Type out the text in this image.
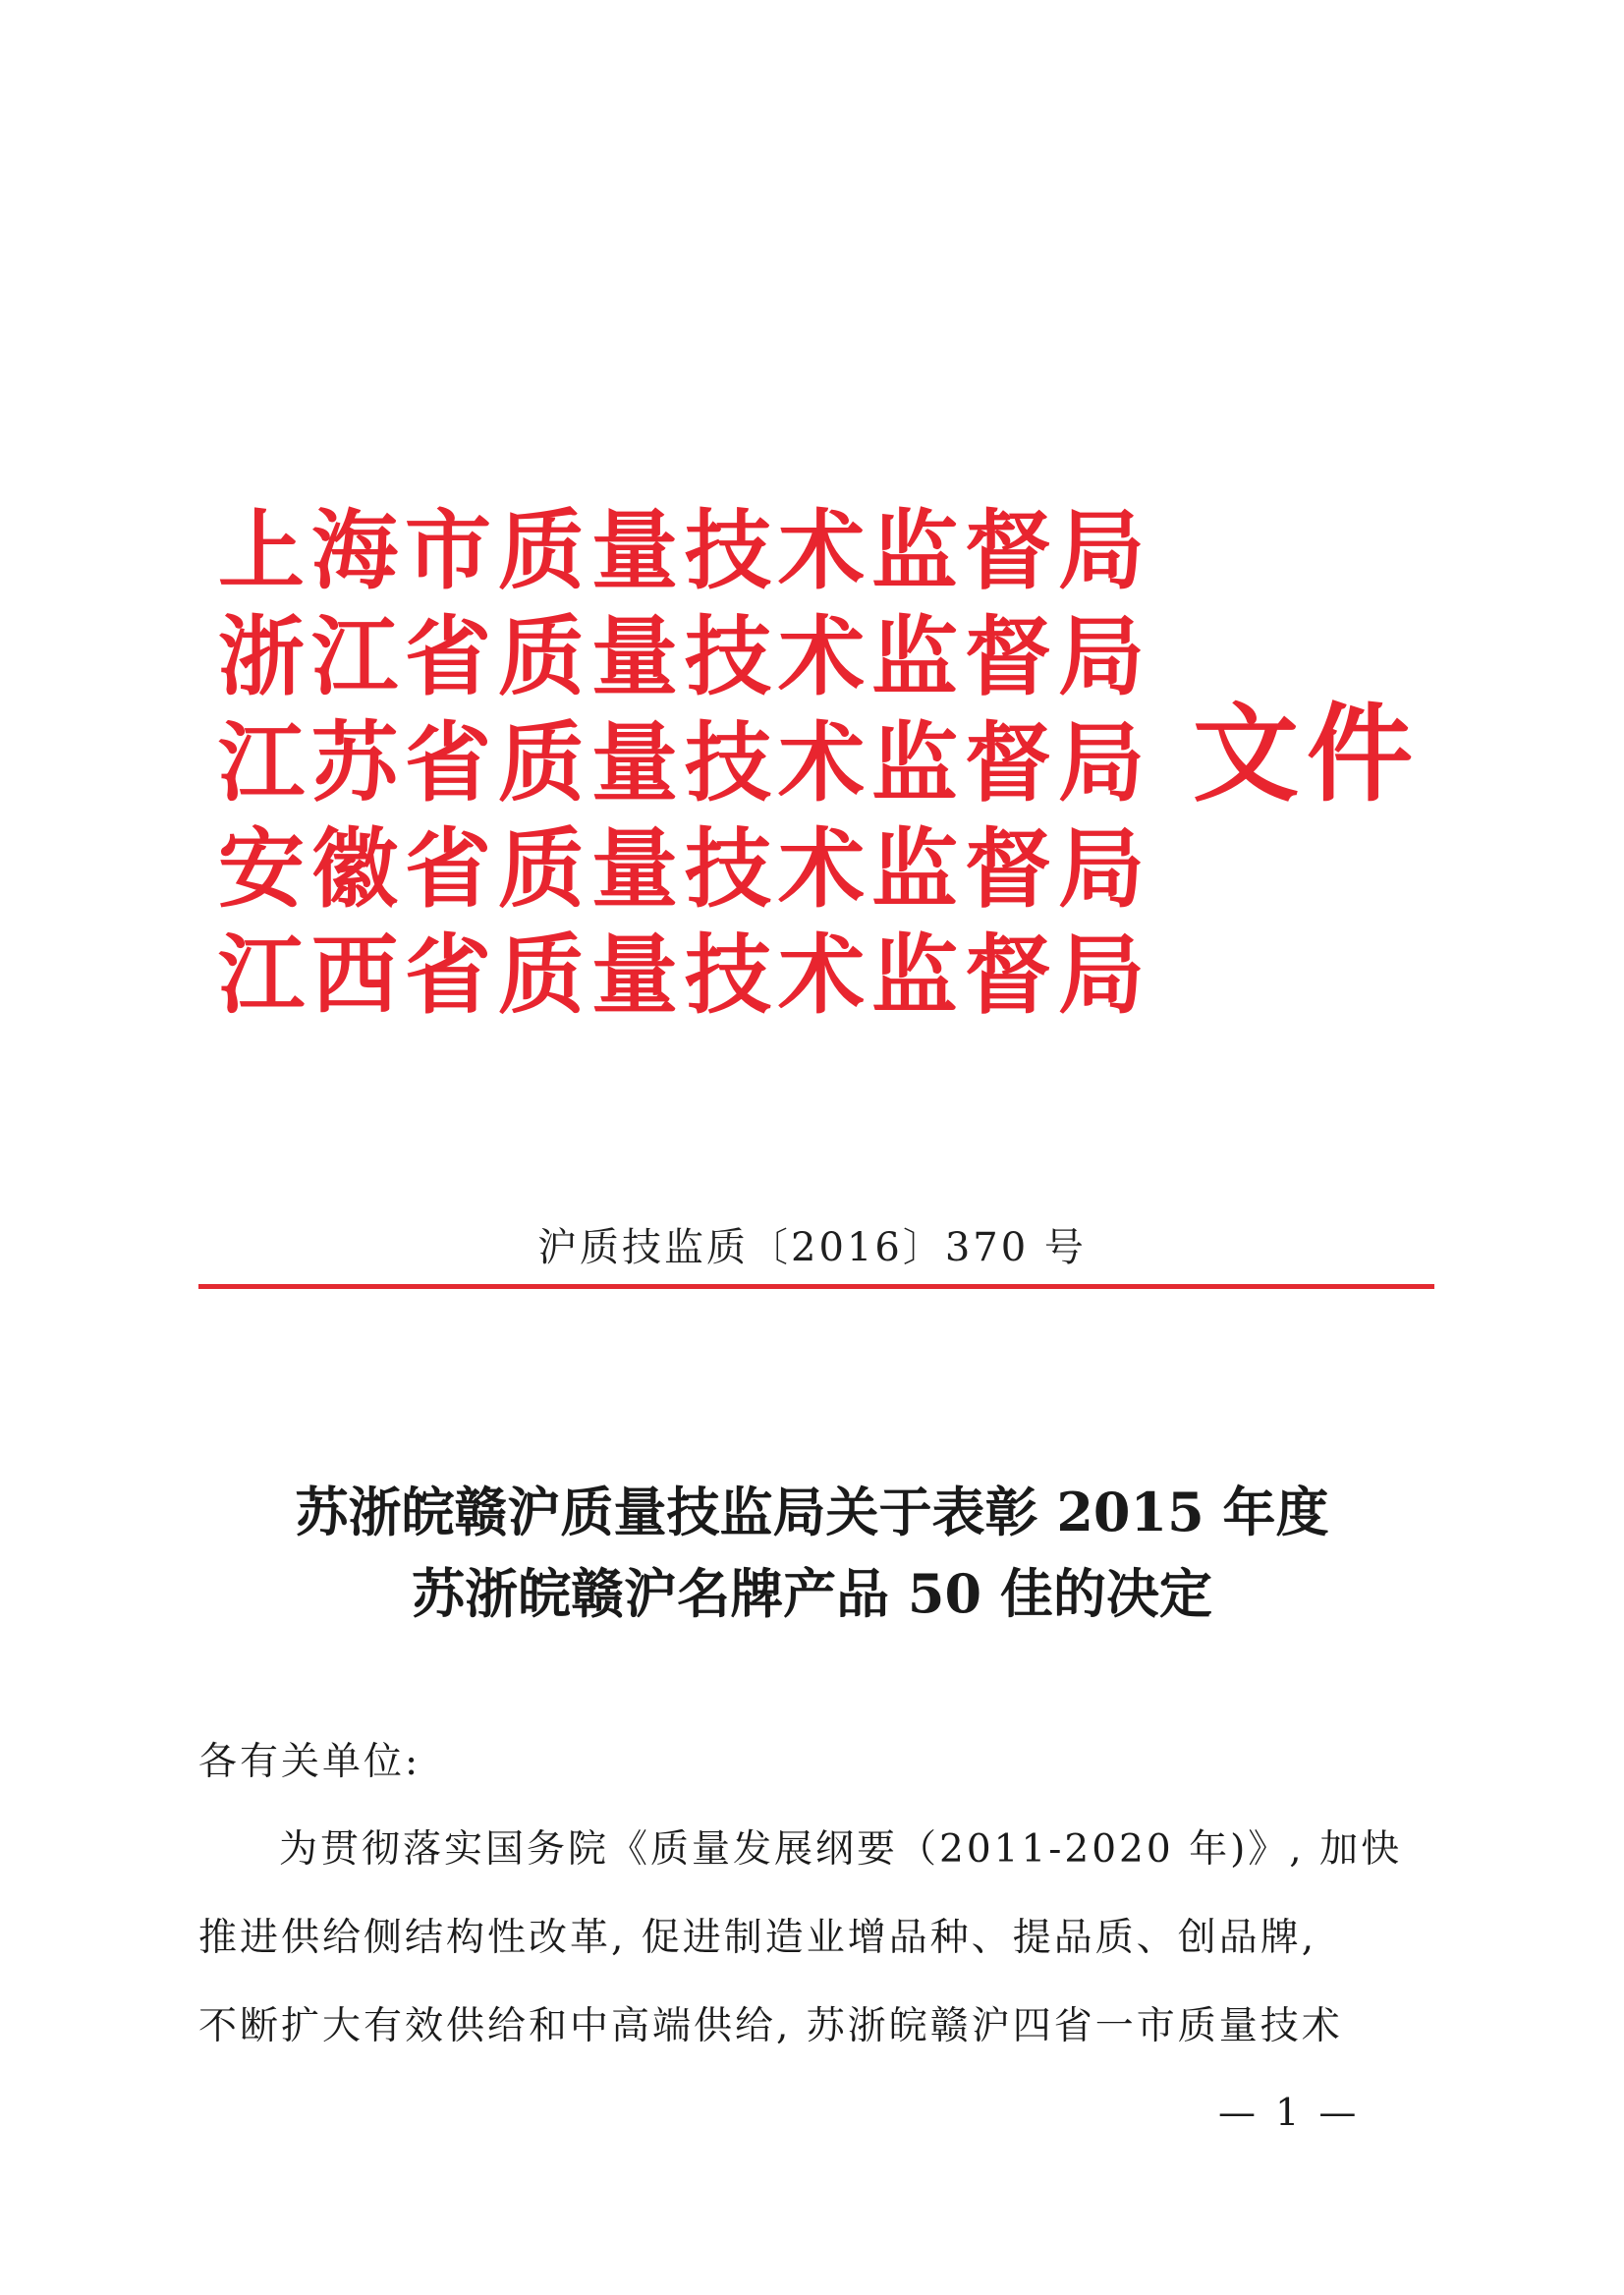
上海市质量技术监督局
浙江省质量技术监督局
江苏省质量技术监督局
安徽省质量技术监督局
江西省质量技术监督局
文件
沪质技监质〔2016〕370 号
苏浙皖赣沪质量技监局关于表彰 2015 年度
苏浙皖赣沪名牌产品 50 佳的决定
各有关单位:
为贯彻落实国务院《质量发展纲要（2011-2020 年)》, 加快
推进供给侧结构性改革, 促进制造业增品种、提品质、创品牌,
不断扩大有效供给和中高端供给, 苏浙皖赣沪四省一市质量技术
— 1 —
